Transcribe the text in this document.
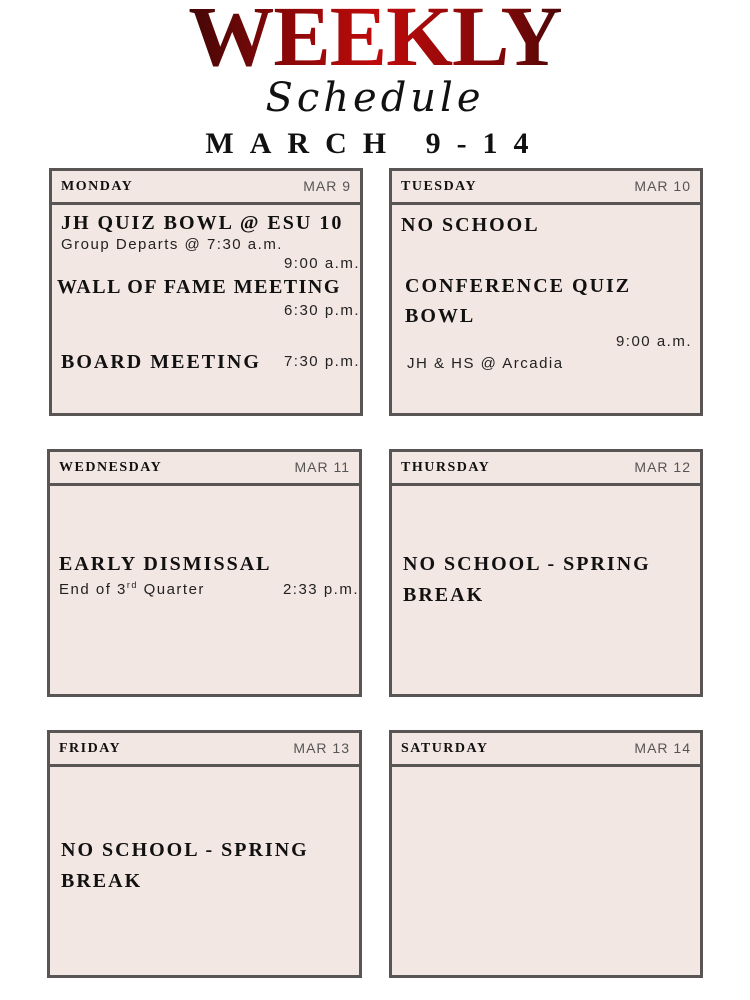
WEEKLY
Schedule
MARCH 9-14
MONDAY	MAR 9
JH QUIZ BOWL @ ESU 10
Group Departs @ 7:30 a.m.
9:00 a.m.
WALL OF FAME MEETING
6:30 p.m.
BOARD MEETING 7:30 p.m.
TUESDAY	MAR 10
NO SCHOOL
CONFERENCE QUIZ BOWL
9:00 a.m.
JH & HS @ Arcadia
WEDNESDAY	MAR 11
EARLY DISMISSAL
End of 3rd Quarter	2:33 p.m.
THURSDAY	MAR 12
NO SCHOOL - SPRING BREAK
FRIDAY	MAR 13
NO SCHOOL - SPRING BREAK
SATURDAY	MAR 14
